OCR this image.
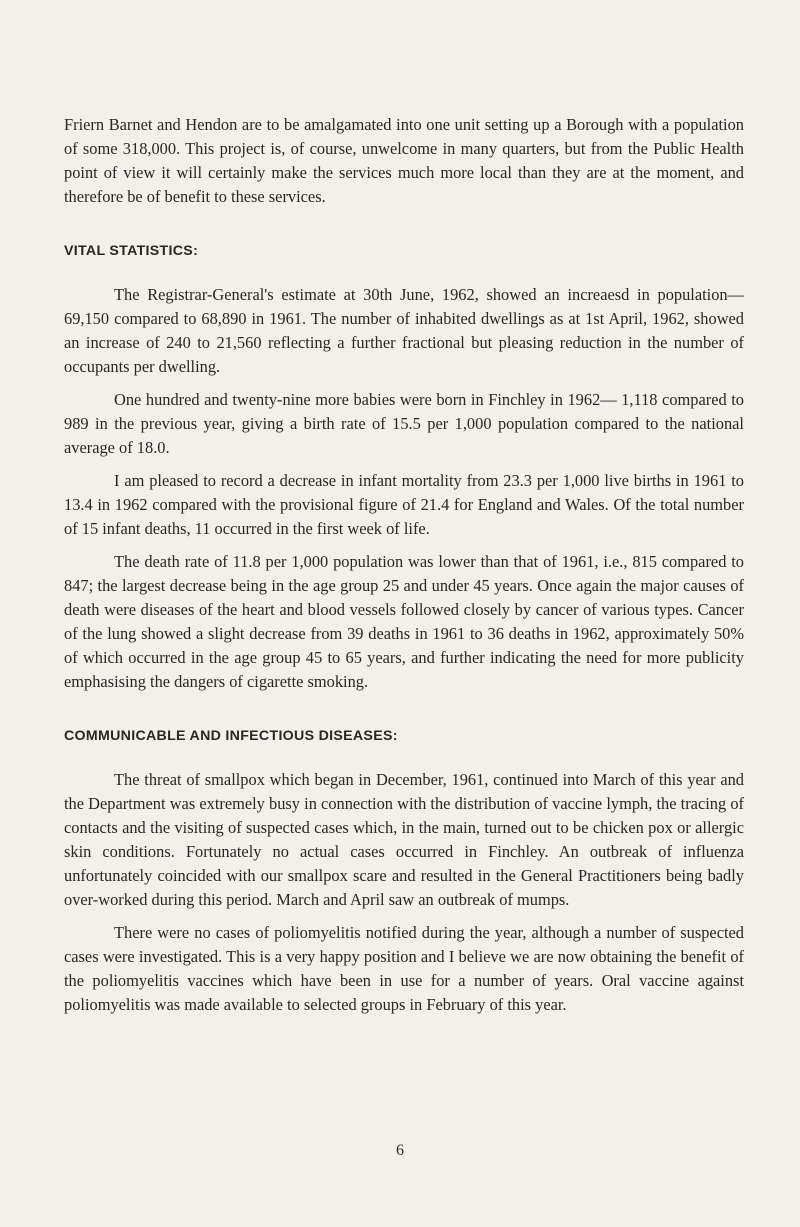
Friern Barnet and Hendon are to be amalgamated into one unit setting up a Borough with a population of some 318,000. This project is, of course, unwelcome in many quarters, but from the Public Health point of view it will certainly make the services much more local than they are at the moment, and therefore be of benefit to these services.

VITAL STATISTICS:

The Registrar-General's estimate at 30th June, 1962, showed an increaesd in population—69,150 compared to 68,890 in 1961. The number of inhabited dwellings as at 1st April, 1962, showed an increase of 240 to 21,560 reflecting a further fractional but pleasing reduction in the number of occupants per dwelling.

One hundred and twenty-nine more babies were born in Finchley in 1962— 1,118 compared to 989 in the previous year, giving a birth rate of 15.5 per 1,000 population compared to the national average of 18.0.

I am pleased to record a decrease in infant mortality from 23.3 per 1,000 live births in 1961 to 13.4 in 1962 compared with the provisional figure of 21.4 for England and Wales. Of the total number of 15 infant deaths, 11 occurred in the first week of life.

The death rate of 11.8 per 1,000 population was lower than that of 1961, i.e., 815 compared to 847; the largest decrease being in the age group 25 and under 45 years. Once again the major causes of death were diseases of the heart and blood vessels followed closely by cancer of various types. Cancer of the lung showed a slight decrease from 39 deaths in 1961 to 36 deaths in 1962, approximately 50% of which occurred in the age group 45 to 65 years, and further indicating the need for more publicity emphasising the dangers of cigarette smoking.

COMMUNICABLE AND INFECTIOUS DISEASES:

The threat of smallpox which began in December, 1961, continued into March of this year and the Department was extremely busy in connection with the distribution of vaccine lymph, the tracing of contacts and the visiting of suspected cases which, in the main, turned out to be chicken pox or allergic skin conditions. Fortunately no actual cases occurred in Finchley. An outbreak of influenza unfortunately coincided with our smallpox scare and resulted in the General Practitioners being badly over-worked during this period. March and April saw an outbreak of mumps.

There were no cases of poliomyelitis notified during the year, although a number of suspected cases were investigated. This is a very happy position and I believe we are now obtaining the benefit of the poliomyelitis vaccines which have been in use for a number of years. Oral vaccine against poliomyelitis was made available to selected groups in February of this year.

6
